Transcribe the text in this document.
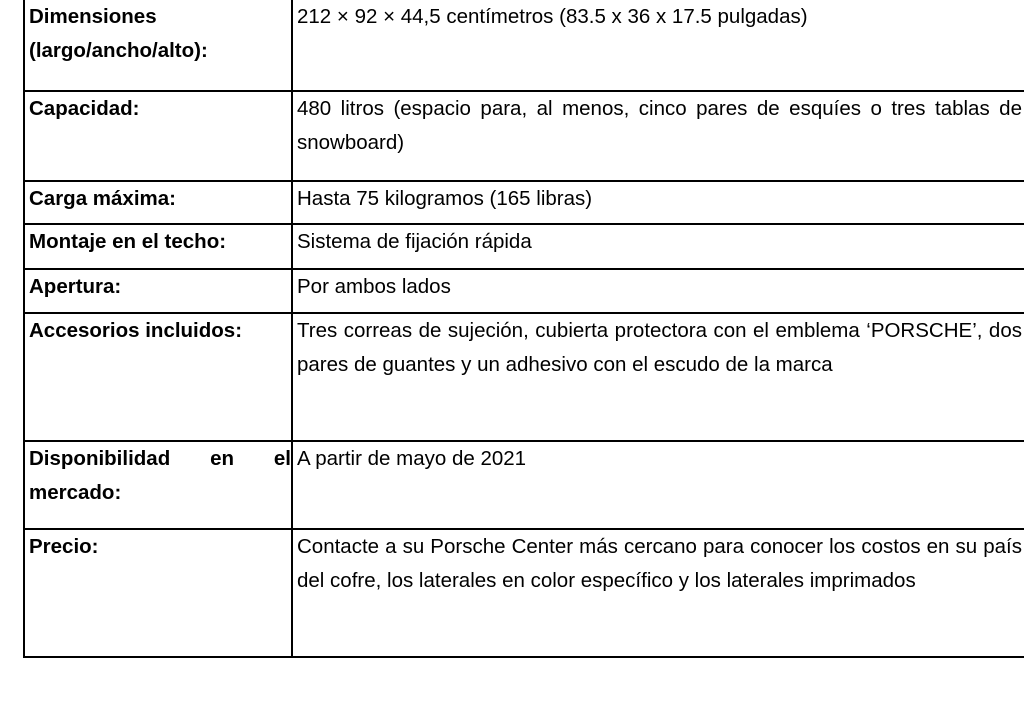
Dimensiones (largo/ancho/alto):	212 × 92 × 44,5 centímetros (83.5 x 36 x 17.5 pulgadas)
Capacidad:	480 litros (espacio para, al menos, cinco pares de esquíes o tres tablas de snowboard)
Carga máxima:	Hasta 75 kilogramos (165 libras)
Montaje en el techo:	Sistema de fijación rápida
Apertura:	Por ambos lados
Accesorios incluidos:	Tres correas de sujeción, cubierta protectora con el emblema ‘PORSCHE’, dos pares de guantes y un adhesivo con el escudo de la marca
Disponibilidad en el mercado:	A partir de mayo de 2021
Precio:	Contacte a su Porsche Center más cercano para conocer los costos en su país del cofre, los laterales en color específico y los laterales imprimados
